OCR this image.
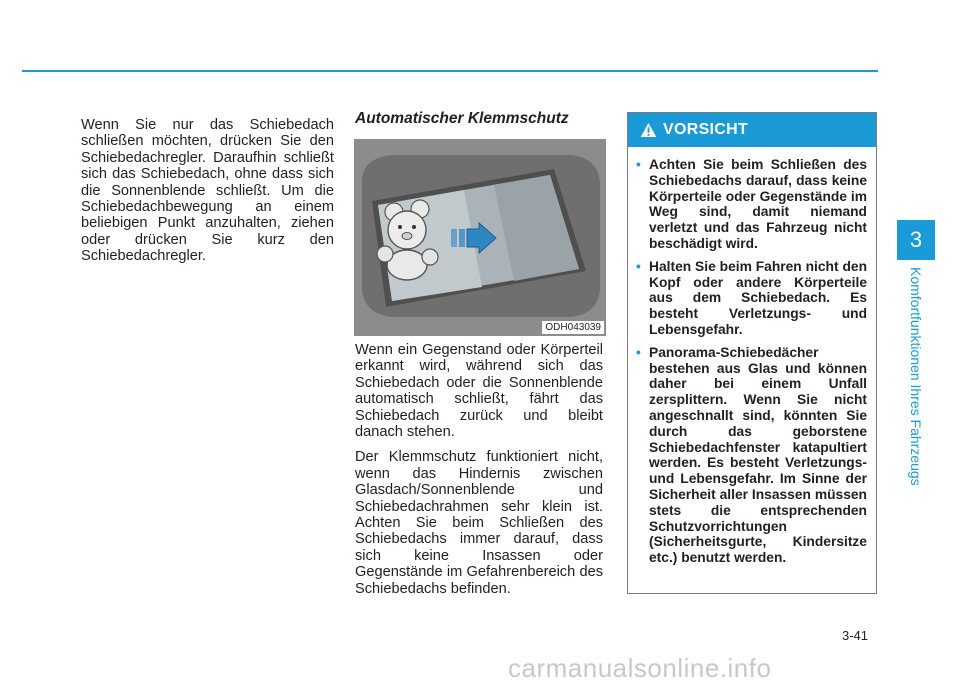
Wenn Sie nur das Schiebedach schließen möchten, drücken Sie den Schiebedachregler. Daraufhin schließt sich das Schiebedach, ohne dass sich die Sonnenblende schließt. Um die Schiebedachbewegung an einem beliebigen Punkt anzuhalten, ziehen oder drücken Sie kurz den Schiebedachregler.

Automatischer Klemmschutz
ODH043039

Wenn ein Gegenstand oder Körperteil erkannt wird, während sich das Schiebedach oder die Sonnenblende automatisch schließt, fährt das Schiebedach zurück und bleibt danach stehen.

Der Klemmschutz funktioniert nicht, wenn das Hindernis zwischen Glasdach/Sonnenblende und Schiebedachrahmen sehr klein ist. Achten Sie beim Schließen des Schiebedachs immer darauf, dass sich keine Insassen oder Gegenstände im Gefahrenbereich des Schiebedachs befinden.

VORSICHT
• Achten Sie beim Schließen des Schiebedachs darauf, dass keine Körperteile oder Gegenstände im Weg sind, damit niemand verletzt und das Fahrzeug nicht beschädigt wird.
• Halten Sie beim Fahren nicht den Kopf oder andere Körperteile aus dem Schiebedach. Es besteht Verletzungs- und Lebensgefahr.
• Panorama-Schiebedächer bestehen aus Glas und können daher bei einem Unfall zersplittern. Wenn Sie nicht angeschnallt sind, könnten Sie durch das geborstene Schiebedachfenster katapultiert werden. Es besteht Verletzungs- und Lebensgefahr. Im Sinne der Sicherheit aller Insassen müssen stets die entsprechenden Schutzvorrichtungen (Sicherheitsgurte, Kindersitze etc.) benutzt werden.
3
Komfortfunktionen Ihres Fahrzeugs
3-41
carmanualsonline.info
